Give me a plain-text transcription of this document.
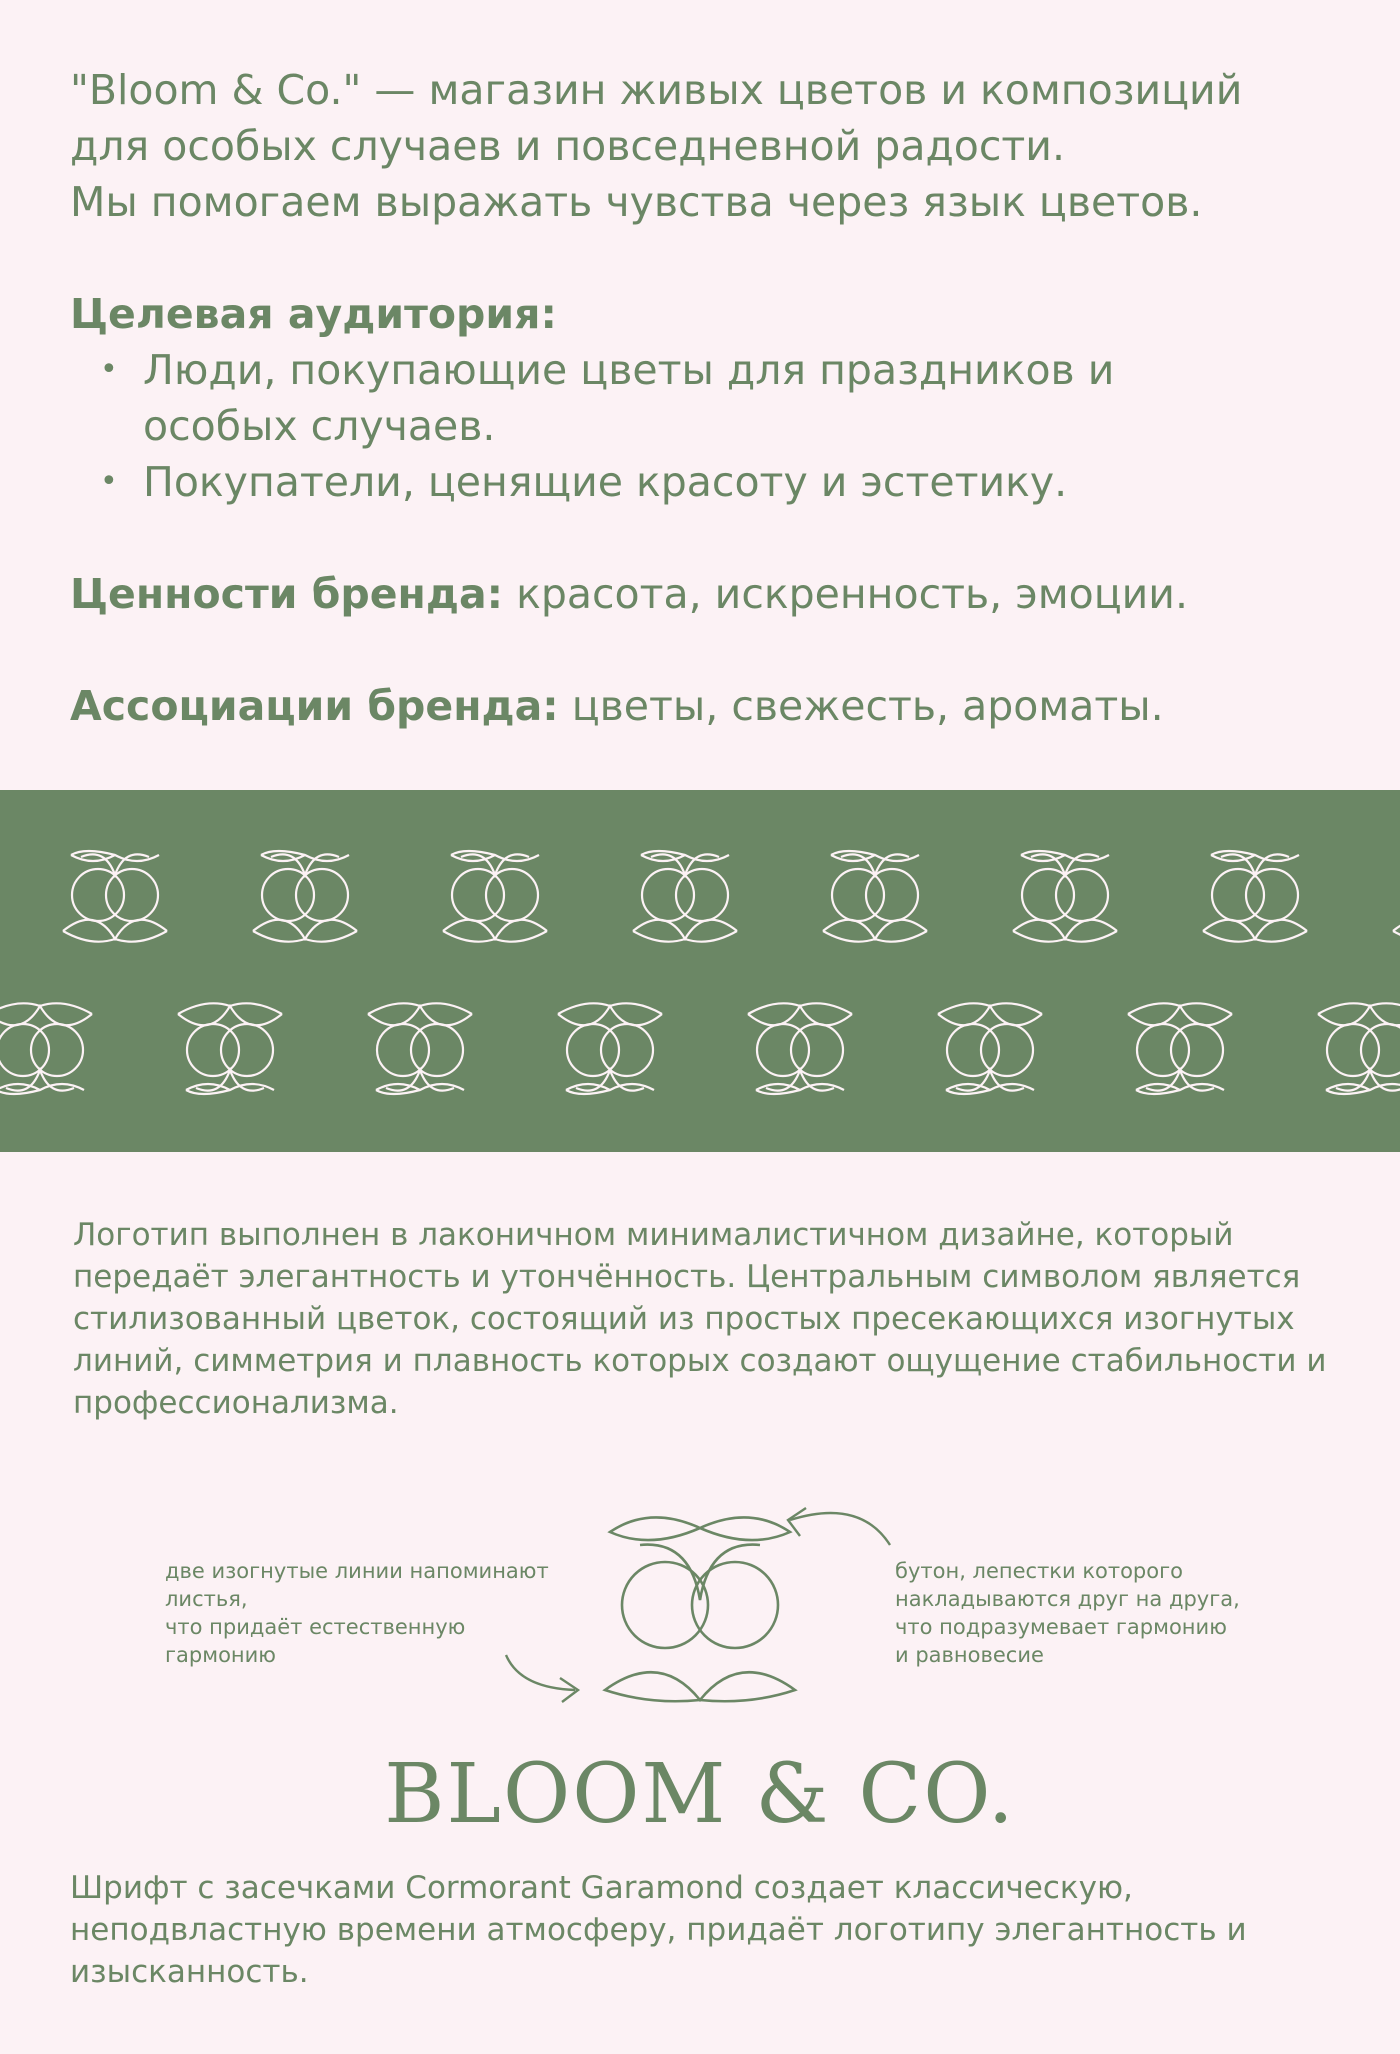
"Bloom & Co." — магазин живых цветов и композиций

для особых случаев и повседневной радости.

Мы помогаем выражать чувства через язык цветов.

Целевая аудитория:

• Люди, покупающие цветы для праздников и особых случаев.
• Покупатели, ценящие красоту и эстетику.

Ценности бренда: красота, искренность, эмоции.

Ассоциации бренда: цветы, свежесть, ароматы.

Логотип выполнен в лаконичном минималистичном дизайне, который передаёт элегантность и утончённость. Центральным символом является стилизованный цветок, состоящий из простых пресекающихся изогнутых линий, симметрия и плавность которых создают ощущение стабильности и профессионализма.

две изогнутые линии напоминают
листья,
что придаёт естественную
гармонию

бутон, лепестки которого
накладываются друг на друга,
что подразумевает гармонию
и равновесие

BLOOM & CO.

Шрифт с засечками Cormorant Garamond создает классическую, неподвластную времени атмосферу, придаёт логотипу элегантность и изысканность.
